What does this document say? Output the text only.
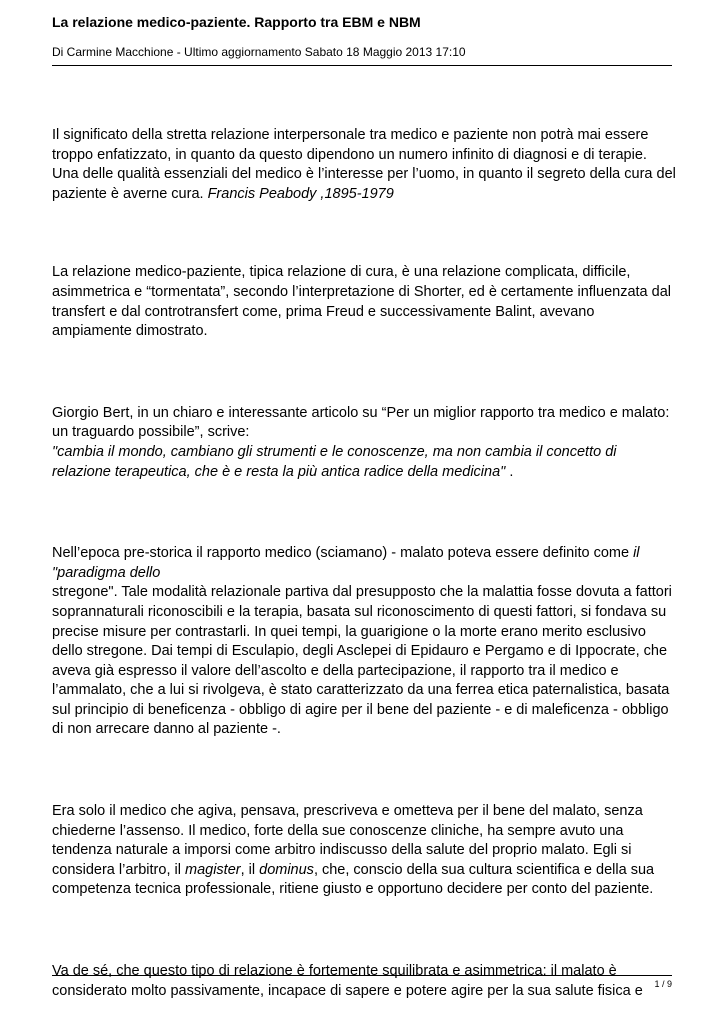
La relazione medico-paziente. Rapporto tra EBM e NBM
Di Carmine Macchione - Ultimo aggiornamento Sabato 18 Maggio 2013 17:10

Il significato della stretta relazione interpersonale tra medico e paziente non potrà mai essere troppo enfatizzato, in quanto da questo dipendono un numero infinito di diagnosi e di terapie. Una delle qualità essenziali del medico è l’interesse per l’uomo, in quanto il segreto della cura del paziente è averne cura. Francis Peabody ,1895-1979

La relazione medico-paziente, tipica relazione di cura, è una relazione complicata, difficile, asimmetrica e “tormentata”, secondo l’interpretazione di Shorter, ed è certamente influenzata dal transfert e dal controtransfert come, prima Freud e successivamente Balint, avevano ampiamente dimostrato.

Giorgio Bert, in un chiaro e interessante articolo su “Per un miglior rapporto tra medico e malato: un traguardo possibile”, scrive:
"cambia il mondo, cambiano gli strumenti e le conoscenze, ma non cambia il concetto di relazione terapeutica, che è e resta la più antica radice della medicina" .

Nell’epoca pre-storica il rapporto medico (sciamano) - malato poteva essere definito come il "paradigma dello
stregone". Tale modalità relazionale partiva dal presupposto che la malattia fosse dovuta a fattori soprannaturali riconoscibili e la terapia, basata sul riconoscimento di questi fattori, si fondava su precise misure per contrastarli. In quei tempi, la guarigione o la morte erano merito esclusivo dello stregone. Dai tempi di Esculapio, degli Asclepei di Epidauro e Pergamo e di Ippocrate, che aveva già espresso il valore dell’ascolto e della partecipazione, il rapporto tra il medico e l’ammalato, che a lui si rivolgeva, è stato caratterizzato da una ferrea etica paternalistica, basata sul principio di beneficenza - obbligo di agire per il bene del paziente - e di maleficenza - obbligo di non arrecare danno al paziente -.

Era solo il medico che agiva, pensava, prescriveva e ometteva per il bene del malato, senza chiederne l’assenso. Il medico, forte della sue conoscenze cliniche, ha sempre avuto una tendenza naturale a imporsi come arbitro indiscusso della salute del proprio malato. Egli si considera l’arbitro, il magister, il dominus, che, conscio della sua cultura scientifica e della sua competenza tecnica professionale, ritiene giusto e opportuno decidere per conto del paziente.

Va de sé, che questo tipo di relazione è fortemente squilibrata e asimmetrica: il malato è considerato molto passivamente, incapace di sapere e potere agire per la sua salute fisica e	1 / 9
